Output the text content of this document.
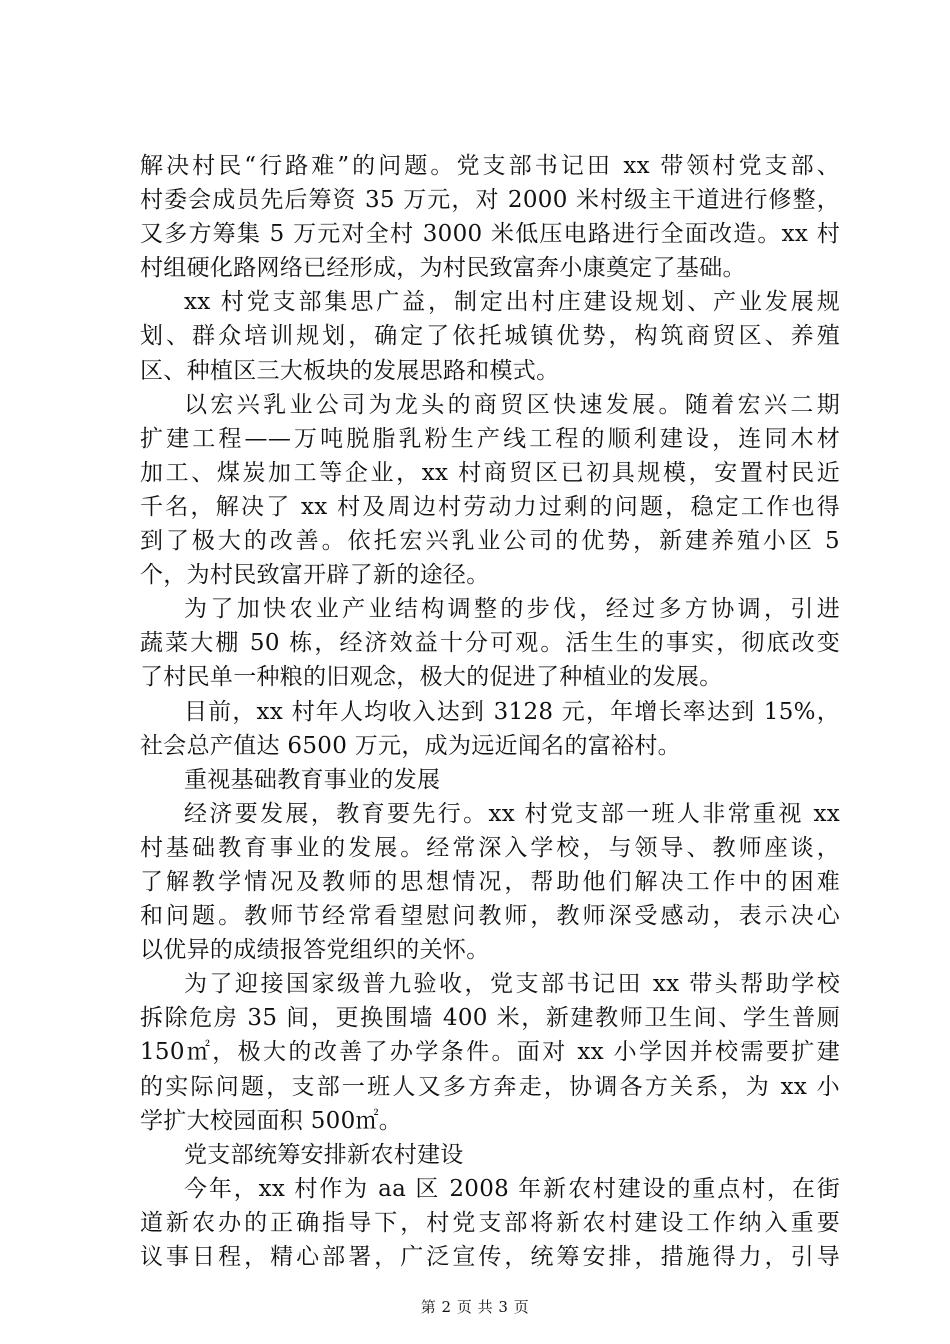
解决村民“行路难”的问题。党支部书记田 xx 带领村党支部、
村委会成员先后筹资 35 万元，对 2000 米村级主干道进行修整，
又多方筹集 5 万元对全村 3000 米低压电路进行全面改造。xx 村
村组硬化路网络已经形成，为村民致富奔小康奠定了基础。
xx 村党支部集思广益，制定出村庄建设规划、产业发展规
划、群众培训规划，确定了依托城镇优势，构筑商贸区、养殖
区、种植区三大板块的发展思路和模式。
以宏兴乳业公司为龙头的商贸区快速发展。随着宏兴二期
扩建工程——万吨脱脂乳粉生产线工程的顺利建设，连同木材
加工、煤炭加工等企业，xx 村商贸区已初具规模，安置村民近
千名，解决了 xx 村及周边村劳动力过剩的问题，稳定工作也得
到了极大的改善。依托宏兴乳业公司的优势，新建养殖小区 5
个，为村民致富开辟了新的途径。
为了加快农业产业结构调整的步伐，经过多方协调，引进
蔬菜大棚 50 栋，经济效益十分可观。活生生的事实，彻底改变
了村民单一种粮的旧观念，极大的促进了种植业的发展。
目前，xx 村年人均收入达到 3128 元，年增长率达到 15%，
社会总产值达 6500 万元，成为远近闻名的富裕村。
重视基础教育事业的发展
经济要发展，教育要先行。xx 村党支部一班人非常重视 xx
村基础教育事业的发展。经常深入学校，与领导、教师座谈，
了解教学情况及教师的思想情况，帮助他们解决工作中的困难
和问题。教师节经常看望慰问教师，教师深受感动，表示决心
以优异的成绩报答党组织的关怀。
为了迎接国家级普九验收，党支部书记田 xx 带头帮助学校
拆除危房 35 间，更换围墙 400 米，新建教师卫生间、学生普厕
150㎡，极大的改善了办学条件。面对 xx 小学因并校需要扩建
的实际问题，支部一班人又多方奔走，协调各方关系，为 xx 小
学扩大校园面积 500㎡。
党支部统筹安排新农村建设
今年，xx 村作为 aa 区 2008 年新农村建设的重点村，在街
道新农办的正确指导下，村党支部将新农村建设工作纳入重要
议事日程，精心部署，广泛宣传，统筹安排，措施得力，引导
第 2 页 共 3 页
